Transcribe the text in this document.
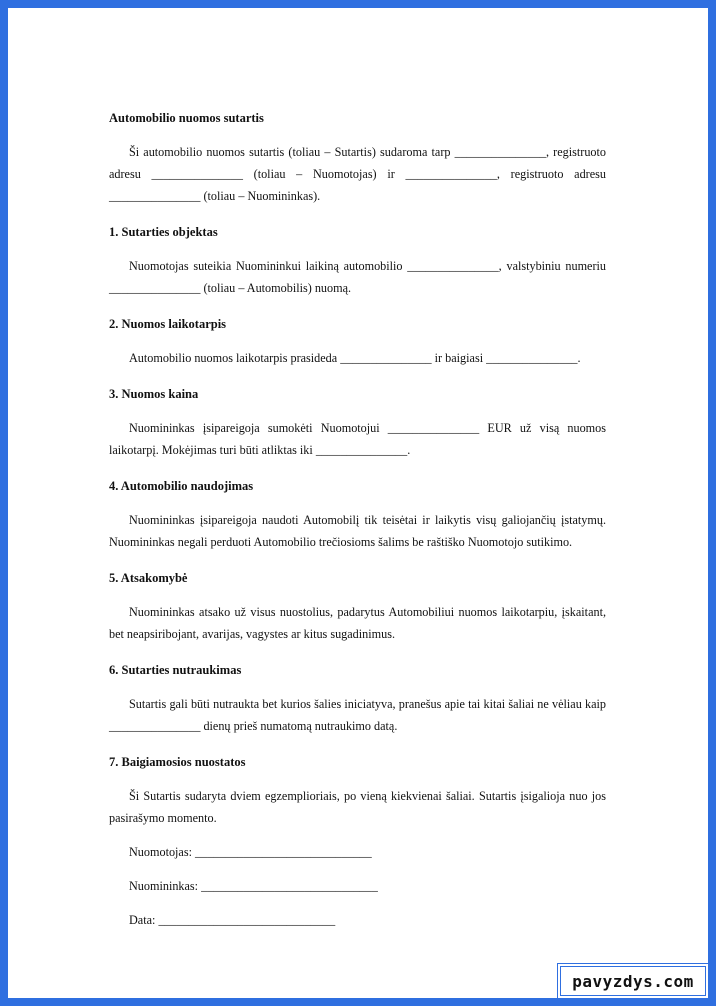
Automobilio nuomos sutartis

Ši automobilio nuomos sutartis (toliau – Sutartis) sudaroma tarp _______________, registruoto adresu _______________ (toliau – Nuomotojas) ir _______________, registruoto adresu _______________ (toliau – Nuomininkas).

1. Sutarties objektas

Nuomotojas suteikia Nuomininkui laikiną automobilio _______________, valstybiniu numeriu _______________ (toliau – Automobilis) nuomą.

2. Nuomos laikotarpis

Automobilio nuomos laikotarpis prasideda _______________ ir baigiasi _______________.

3. Nuomos kaina

Nuomininkas įsipareigoja sumokėti Nuomotojui _______________ EUR už visą nuomos laikotarpį. Mokėjimas turi būti atliktas iki _______________.

4. Automobilio naudojimas

Nuomininkas įsipareigoja naudoti Automobilį tik teisėtai ir laikytis visų galiojančių įstatymų. Nuomininkas negali perduoti Automobilio trečiosioms šalims be raštiško Nuomotojo sutikimo.

5. Atsakomybė

Nuomininkas atsako už visus nuostolius, padarytus Automobiliui nuomos laikotarpiu, įskaitant, bet neapsiribojant, avarijas, vagystes ar kitus sugadinimus.

6. Sutarties nutraukimas

Sutartis gali būti nutraukta bet kurios šalies iniciatyva, pranešus apie tai kitai šaliai ne vėliau kaip _______________ dienų prieš numatomą nutraukimo datą.

7. Baigiamosios nuostatos

Ši Sutartis sudaryta dviem egzemplioriais, po vieną kiekvienai šaliai. Sutartis įsigalioja nuo jos pasirašymo momento.

Nuomotojas: _____________________________

Nuomininkas: _____________________________

Data: _____________________________

pavyzdys.com
